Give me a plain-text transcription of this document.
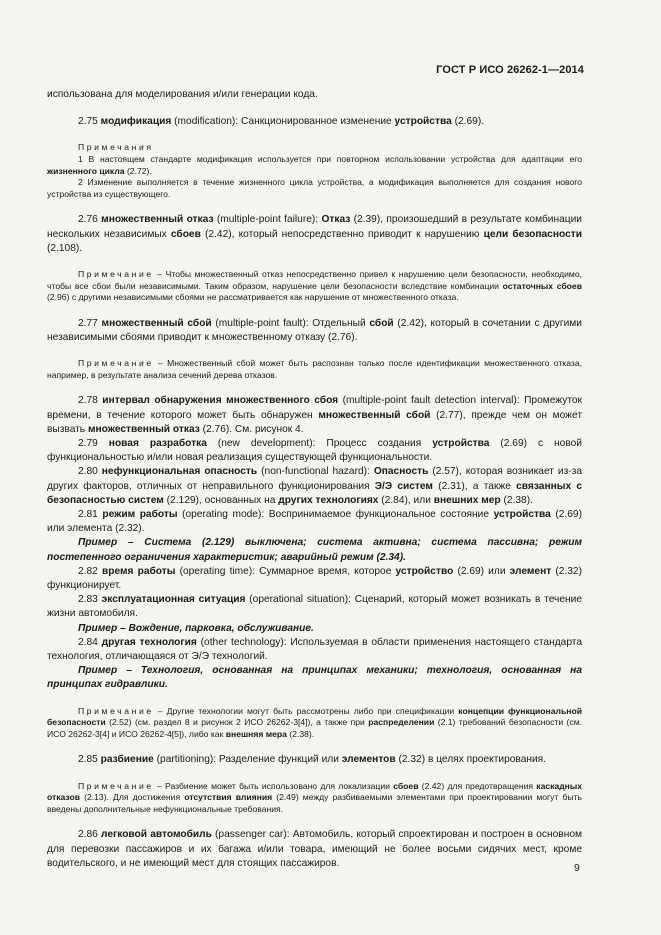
ГОСТ Р ИСО 26262-1—2014

использована для моделирования и/или генерации кода.

2.75 модификация (modification): Санкционированное изменение устройства (2.69).

Примечания

1 В настоящем стандарте модификация используется при повторном использовании устройства для адаптации его жизненного цикла (2.72).

2 Изменение выполняется в течение жизненного цикла устройства, а модификация выполняется для создания нового устройства из существующего.

2.76 множественный отказ (multiple-point failure): Отказ (2.39), произошедший в результате комбинации нескольких независимых сбоев (2.42), который непосредственно приводит к нарушению цели безопасности (2.108).

Примечание – Чтобы множественный отказ непосредственно привел к нарушению цели безопасности, необходимо, чтобы все сбои были независимыми. Таким образом, нарушение цели безопасности вследствие комбинации остаточных сбоев (2.96) с другими независимыми сбоями не рассматривается как нарушение от множественного отказа.

2.77 множественный сбой (multiple-point fault): Отдельный сбой (2.42), который в сочетании с другими независимыми сбоями приводит к множественному отказу (2.76).

Примечание – Множественный сбой может быть распознан только после идентификации множественного отказа, например, в результате анализа сечений дерева отказов.

2.78 интервал обнаружения множественного сбоя (multiple-point fault detection interval): Промежуток времени, в течение которого может быть обнаружен множественный сбой (2.77), прежде чем он может вызвать множественный отказ (2.76). См. рисунок 4.

2.79 новая разработка (new development): Процесс создания устройства (2.69) с новой функциональностью и/или новая реализация существующей функциональности.

2.80 нефункциональная опасность (non-functional hazard): Опасность (2.57), которая возникает из-за других факторов, отличных от неправильного функционирования Э/Э систем (2.31), а также связанных с безопасностью систем (2.129), основанных на других технологиях (2.84), или внешних мер (2.38).

2.81 режим работы (operating mode): Воспринимаемое функциональное состояние устройства (2.69) или элемента (2.32).

Пример – Система (2.129) выключена; система активна; система пассивна; режим постепенного ограничения характеристик; аварийный режим (2.34).

2.82 время работы (operating time): Суммарное время, которое устройство (2.69) или элемент (2.32) функционирует.

2.83 эксплуатационная ситуация (operational situation): Сценарий, который может возникать в течение жизни автомобиля.

Пример – Вождение, парковка, обслуживание.

2.84 другая технология (other technology): Используемая в области применения настоящего стандарта технология, отличающаяся от Э/Э технологий.

Пример – Технология, основанная на принципах механики; технология, основанная на принципах гидравлики.

Примечание – Другие технологии могут быть рассмотрены либо при спецификации концепции функциональной безопасности (2.52) (см. раздел 8 и рисунок 2 ИСО 26262-3[4]), а также при распределении (2.1) требований безопасности (см. ИСО 26262-3[4] и ИСО 26262-4[5]), либо как внешняя мера (2.38).

2.85 разбиение (partitioning): Разделение функций или элементов (2.32) в целях проектирования.

Примечание – Разбиение может быть использовано для локализации сбоев (2.42) для предотвращения каскадных отказов (2.13). Для достижения отсутствия влияния (2.49) между разбиваемыми элементами при проектировании могут быть введены дополнительные нефункциональные требования.

2.86 легковой автомобиль (passenger car): Автомобиль, который спроектирован и построен в основном для перевозки пассажиров и их багажа и/или товара, имеющий не более восьми сидячих мест, кроме водительского, и не имеющий мест для стоящих пассажиров.	9
